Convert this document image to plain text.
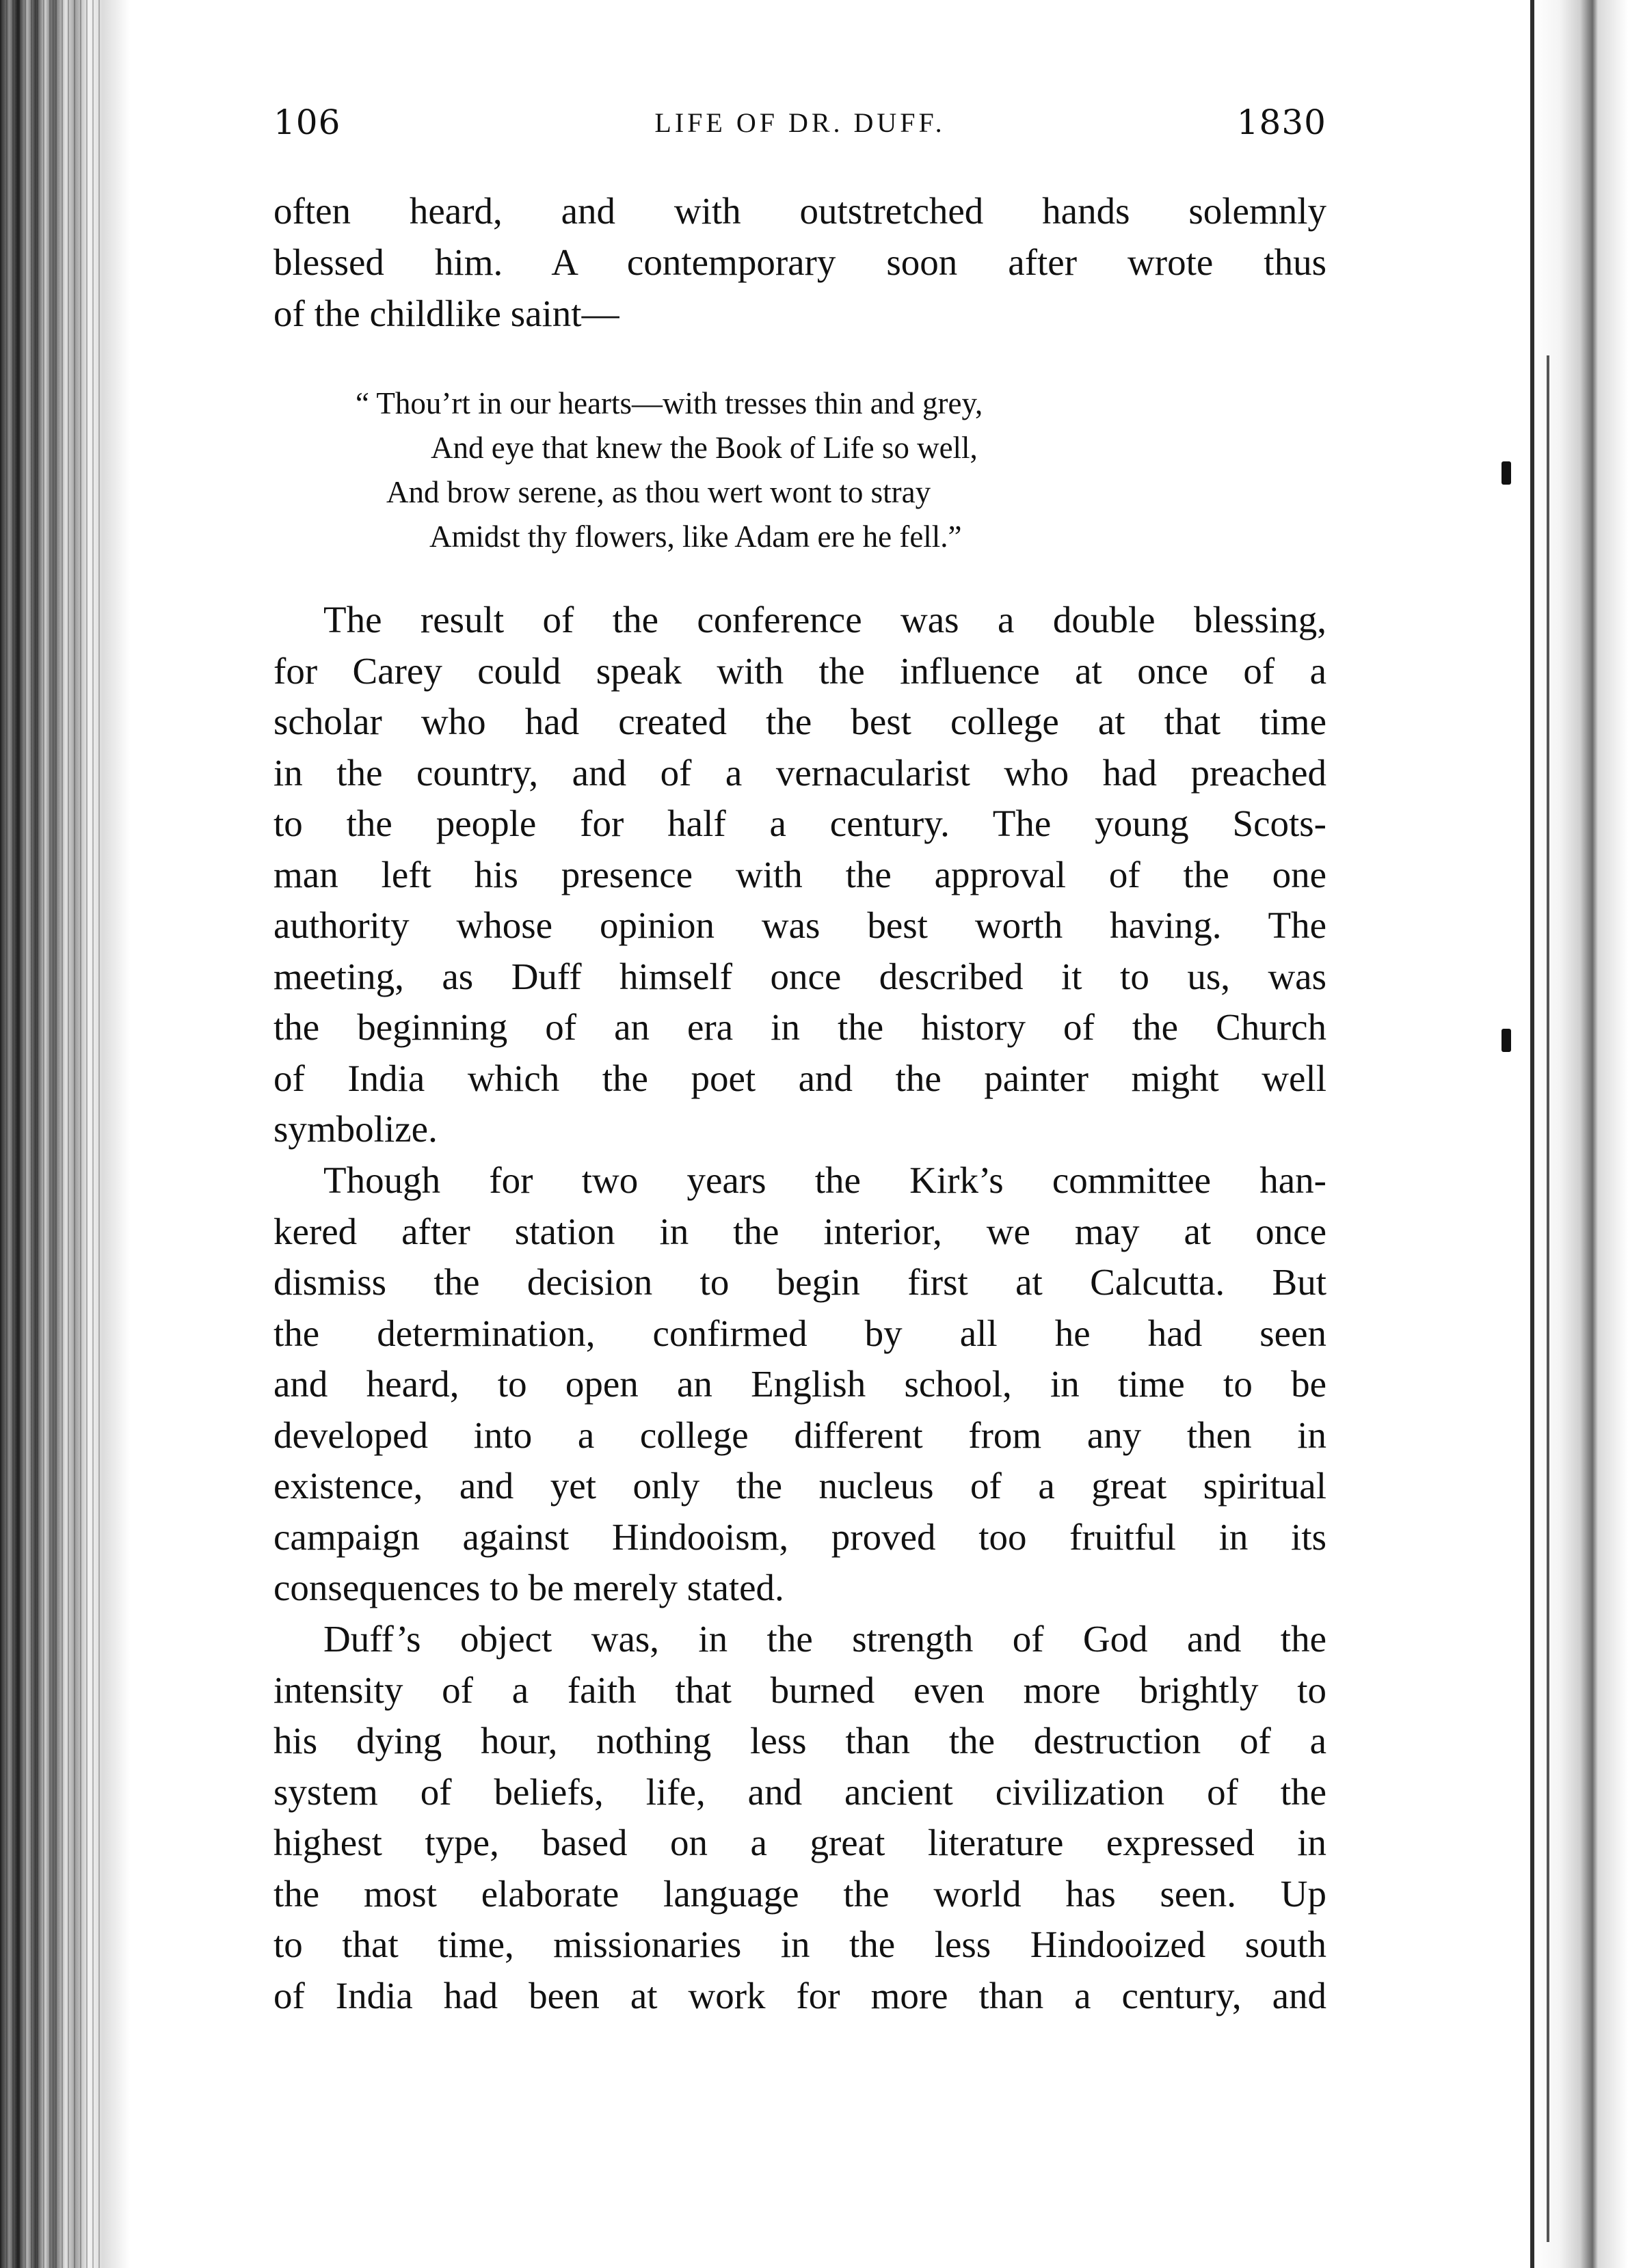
106	LIFE OF DR. DUFF.	1830
often heard, and with outstretched hands solemnly
blessed him. A contemporary soon after wrote thus
of the childlike saint—
“ Thou’rt in our hearts—with tresses thin and grey,
And eye that knew the Book of Life so well,
And brow serene, as thou wert wont to stray
Amidst thy flowers, like Adam ere he fell.”
The result of the conference was a double blessing,
for Carey could speak with the influence at once of a
scholar who had created the best college at that time
in the country, and of a vernacularist who had preached
to the people for half a century. The young Scots-
man left his presence with the approval of the one
authority whose opinion was best worth having. The
meeting, as Duff himself once described it to us, was
the beginning of an era in the history of the Church
of India which the poet and the painter might well
symbolize.
Though for two years the Kirk’s committee han-
kered after station in the interior, we may at once
dismiss the decision to begin first at Calcutta. But
the determination, confirmed by all he had seen
and heard, to open an English school, in time to be
developed into a college different from any then in
existence, and yet only the nucleus of a great spiritual
campaign against Hindooism, proved too fruitful in its
consequences to be merely stated.
Duff’s object was, in the strength of God and the
intensity of a faith that burned even more brightly to
his dying hour, nothing less than the destruction of a
system of beliefs, life, and ancient civilization of the
highest type, based on a great literature expressed in
the most elaborate language the world has seen. Up
to that time, missionaries in the less Hindooized south
of India had been at work for more than a century, and
